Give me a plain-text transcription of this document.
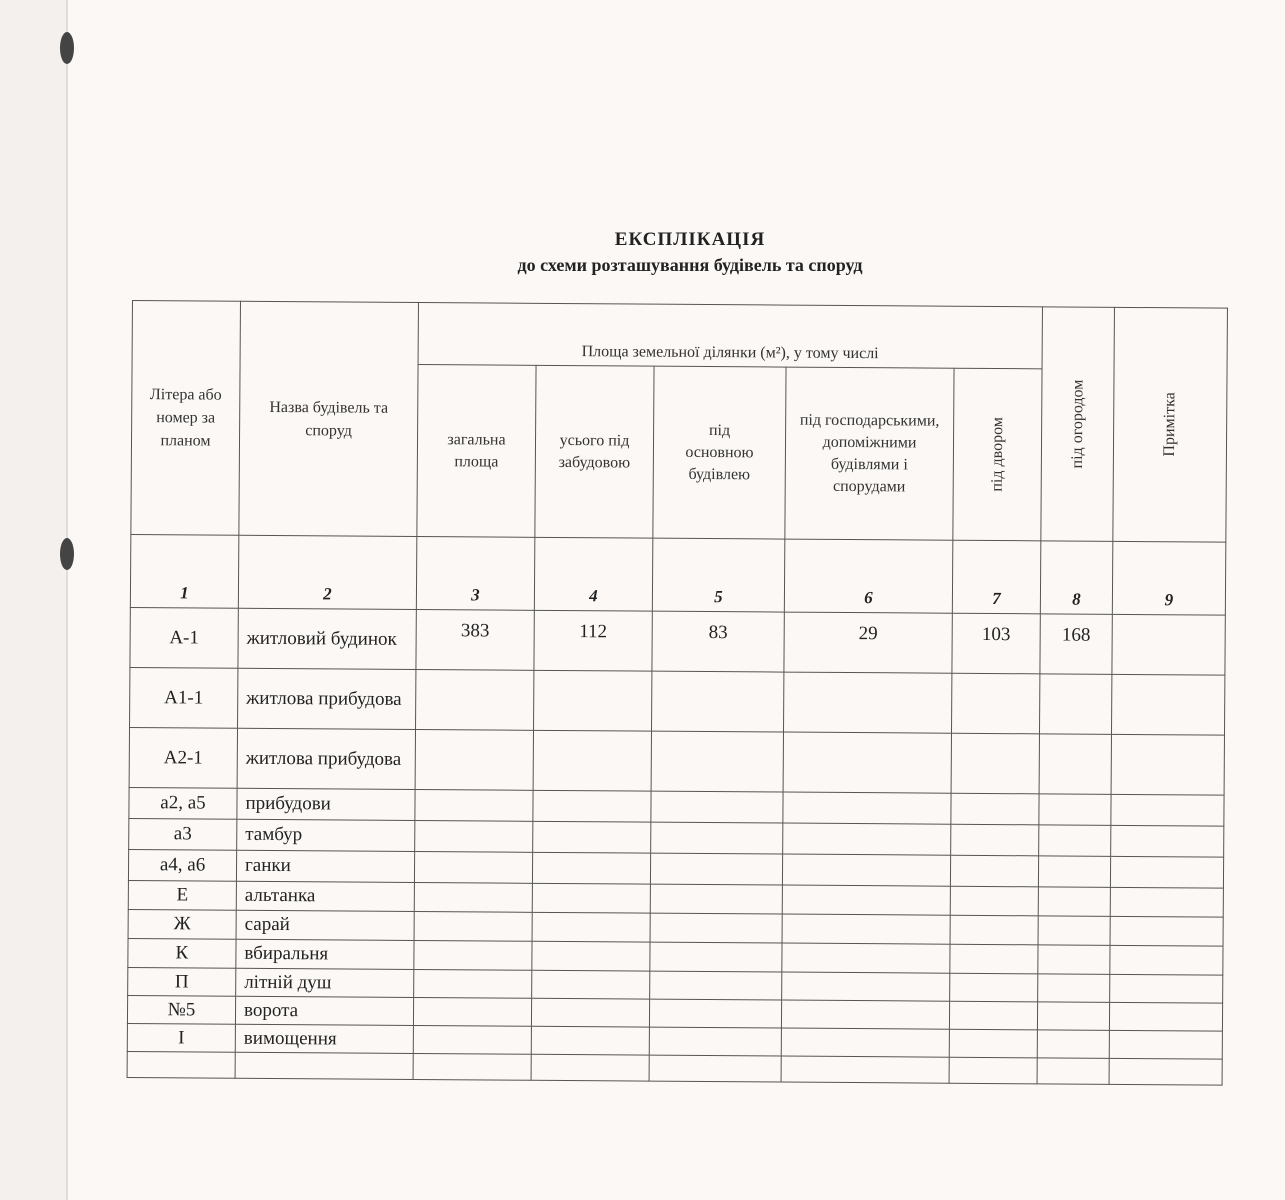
ЕКСПЛІКАЦІЯ
до схеми розташування будівель та споруд
Літера або номер за планом	Назва будівель та споруд	Площа земельної ділянки (м²), у тому числі					під огородом	Примітка

		загальна площа	усього під забудовою	під основною будівлею	під господарськими, допоміжними будівлями і спорудами	під двором		

1	2	3	4	5	6	7	8	9
А-1	житловий будинок	383	112	83	29	103	168	
А1-1	житлова прибудова							
А2-1	житлова прибудова							
а2, а5	прибудови							
а3	тамбур							
а4, а6	ганки							
Е	альтанка							
Ж	сарай							
К	вбиральня							
П	літній душ							
№5	ворота							
І	вимощення							
